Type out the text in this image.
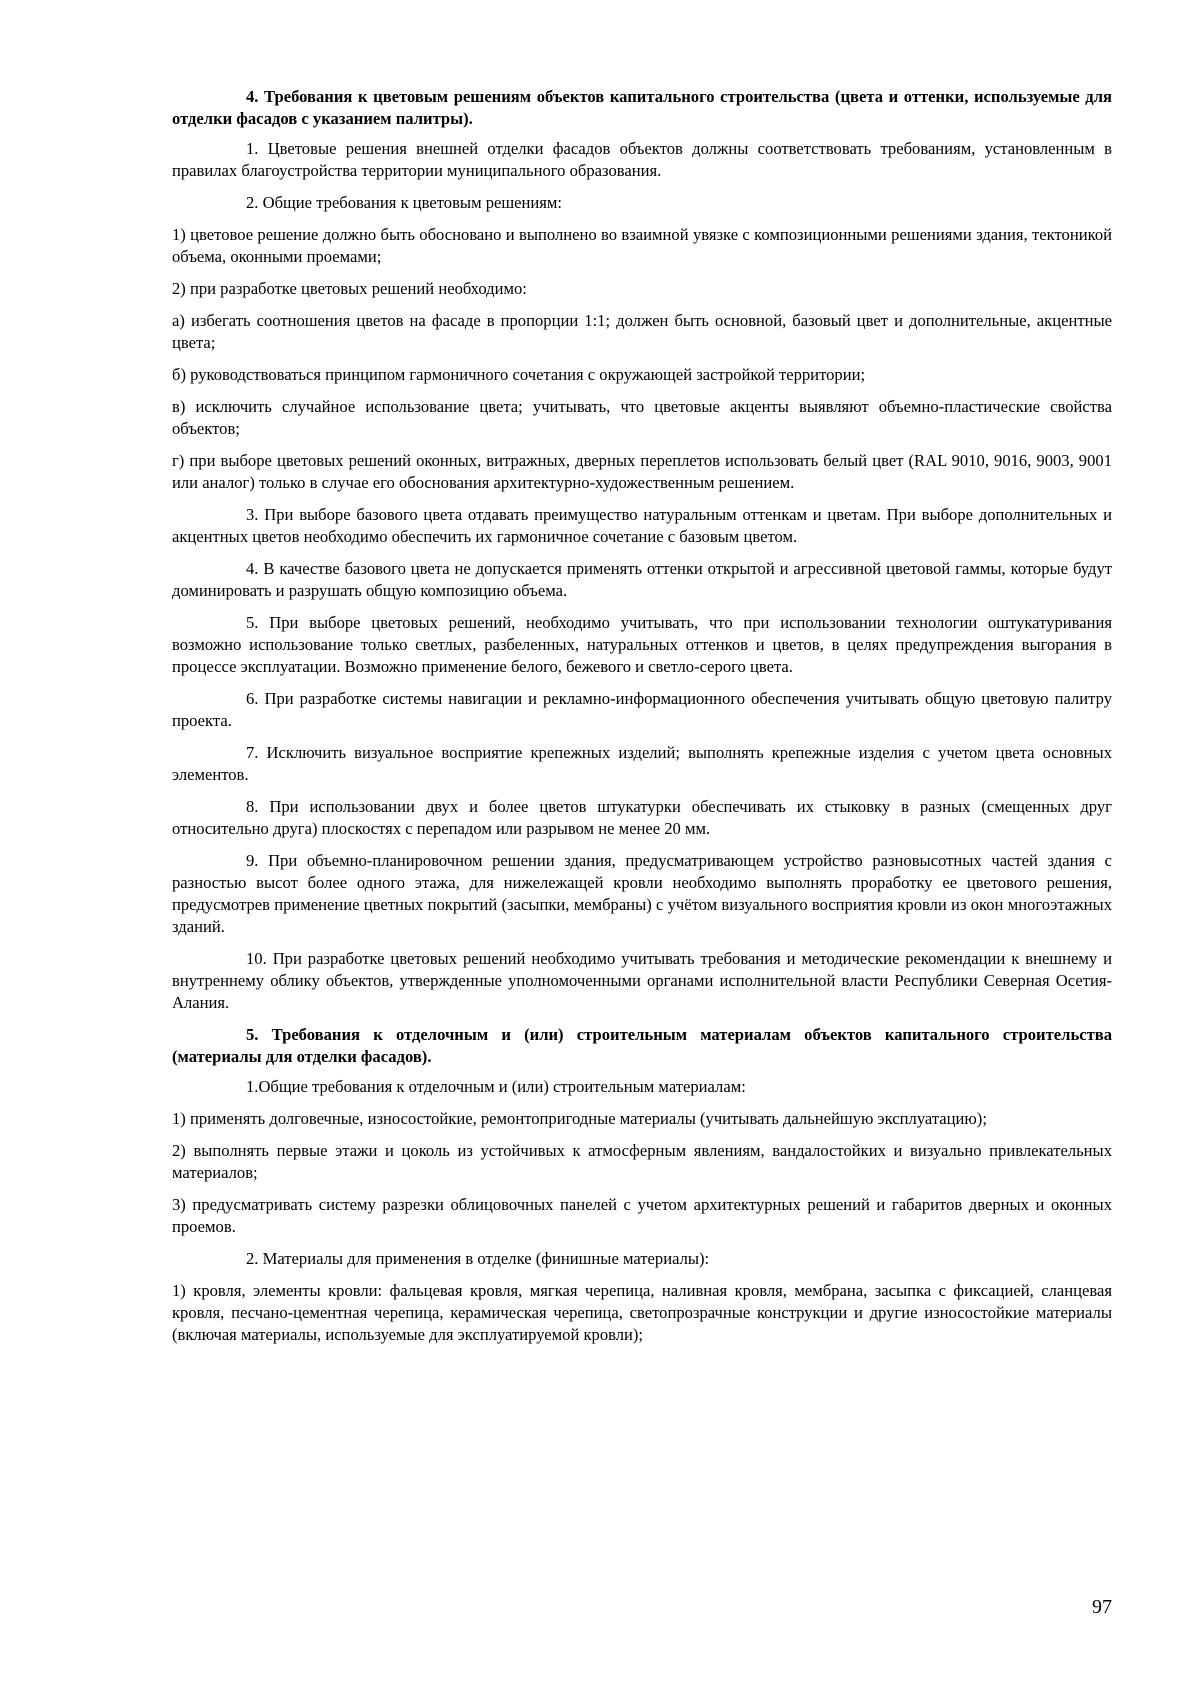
4. Требования к цветовым решениям объектов капитального строительства (цвета и оттенки, используемые для отделки фасадов с указанием палитры).

1. Цветовые решения внешней отделки фасадов объектов должны соответствовать требованиям, установленным в правилах благоустройства территории муниципального образования.

2. Общие требования к цветовым решениям:

1) цветовое решение должно быть обосновано и выполнено во взаимной увязке с композиционными решениями здания, тектоникой объема, оконными проемами;

2) при разработке цветовых решений необходимо:

а) избегать соотношения цветов на фасаде в пропорции 1:1; должен быть основной, базовый цвет и дополнительные, акцентные цвета;

б) руководствоваться принципом гармоничного сочетания с окружающей застройкой территории;

в) исключить случайное использование цвета; учитывать, что цветовые акценты выявляют объемно-пластические свойства объектов;

г) при выборе цветовых решений оконных, витражных, дверных переплетов использовать белый цвет (RAL 9010, 9016, 9003, 9001 или аналог) только в случае его обоснования архитектурно-художественным решением.

3. При выборе базового цвета отдавать преимущество натуральным оттенкам и цветам. При выборе дополнительных и акцентных цветов необходимо обеспечить их гармоничное сочетание с базовым цветом.

4. В качестве базового цвета не допускается применять оттенки открытой и агрессивной цветовой гаммы, которые будут доминировать и разрушать общую композицию объема.

5. При выборе цветовых решений, необходимо учитывать, что при использовании технологии оштукатуривания возможно использование только светлых, разбеленных, натуральных оттенков и цветов, в целях предупреждения выгорания в процессе эксплуатации. Возможно применение белого, бежевого и светло-серого цвета.

6. При разработке системы навигации и рекламно-информационного обеспечения учитывать общую цветовую палитру проекта.

7. Исключить визуальное восприятие крепежных изделий; выполнять крепежные изделия с учетом цвета основных элементов.

8. При использовании двух и более цветов штукатурки обеспечивать их стыковку в разных (смещенных друг относительно друга) плоскостях с перепадом или разрывом не менее 20 мм.

9. При объемно-планировочном решении здания, предусматривающем устройство разновысотных частей здания с разностью высот более одного этажа, для нижележащей кровли необходимо выполнять проработку ее цветового решения, предусмотрев применение цветных покрытий (засыпки, мембраны) с учётом визуального восприятия кровли из окон многоэтажных зданий.

10. При разработке цветовых решений необходимо учитывать требования и методические рекомендации к внешнему и внутреннему облику объектов, утвержденные уполномоченными органами исполнительной власти Республики Северная Осетия-Алания.

5. Требования к отделочным и (или) строительным материалам объектов капитального строительства (материалы для отделки фасадов).

1.Общие требования к отделочным и (или) строительным материалам:

1) применять долговечные, износостойкие, ремонтопригодные материалы (учитывать дальнейшую эксплуатацию);

2) выполнять первые этажи и цоколь из устойчивых к атмосферным явлениям, вандалостойких и визуально привлекательных материалов;

3) предусматривать систему разрезки облицовочных панелей с учетом архитектурных решений и габаритов дверных и оконных проемов.

2. Материалы для применения в отделке (финишные материалы):

1) кровля, элементы кровли: фальцевая кровля, мягкая черепица, наливная кровля, мембрана, засыпка с фиксацией, сланцевая кровля, песчано-цементная черепица, керамическая черепица, светопрозрачные конструкции и другие износостойкие материалы (включая материалы, используемые для эксплуатируемой кровли);

97
